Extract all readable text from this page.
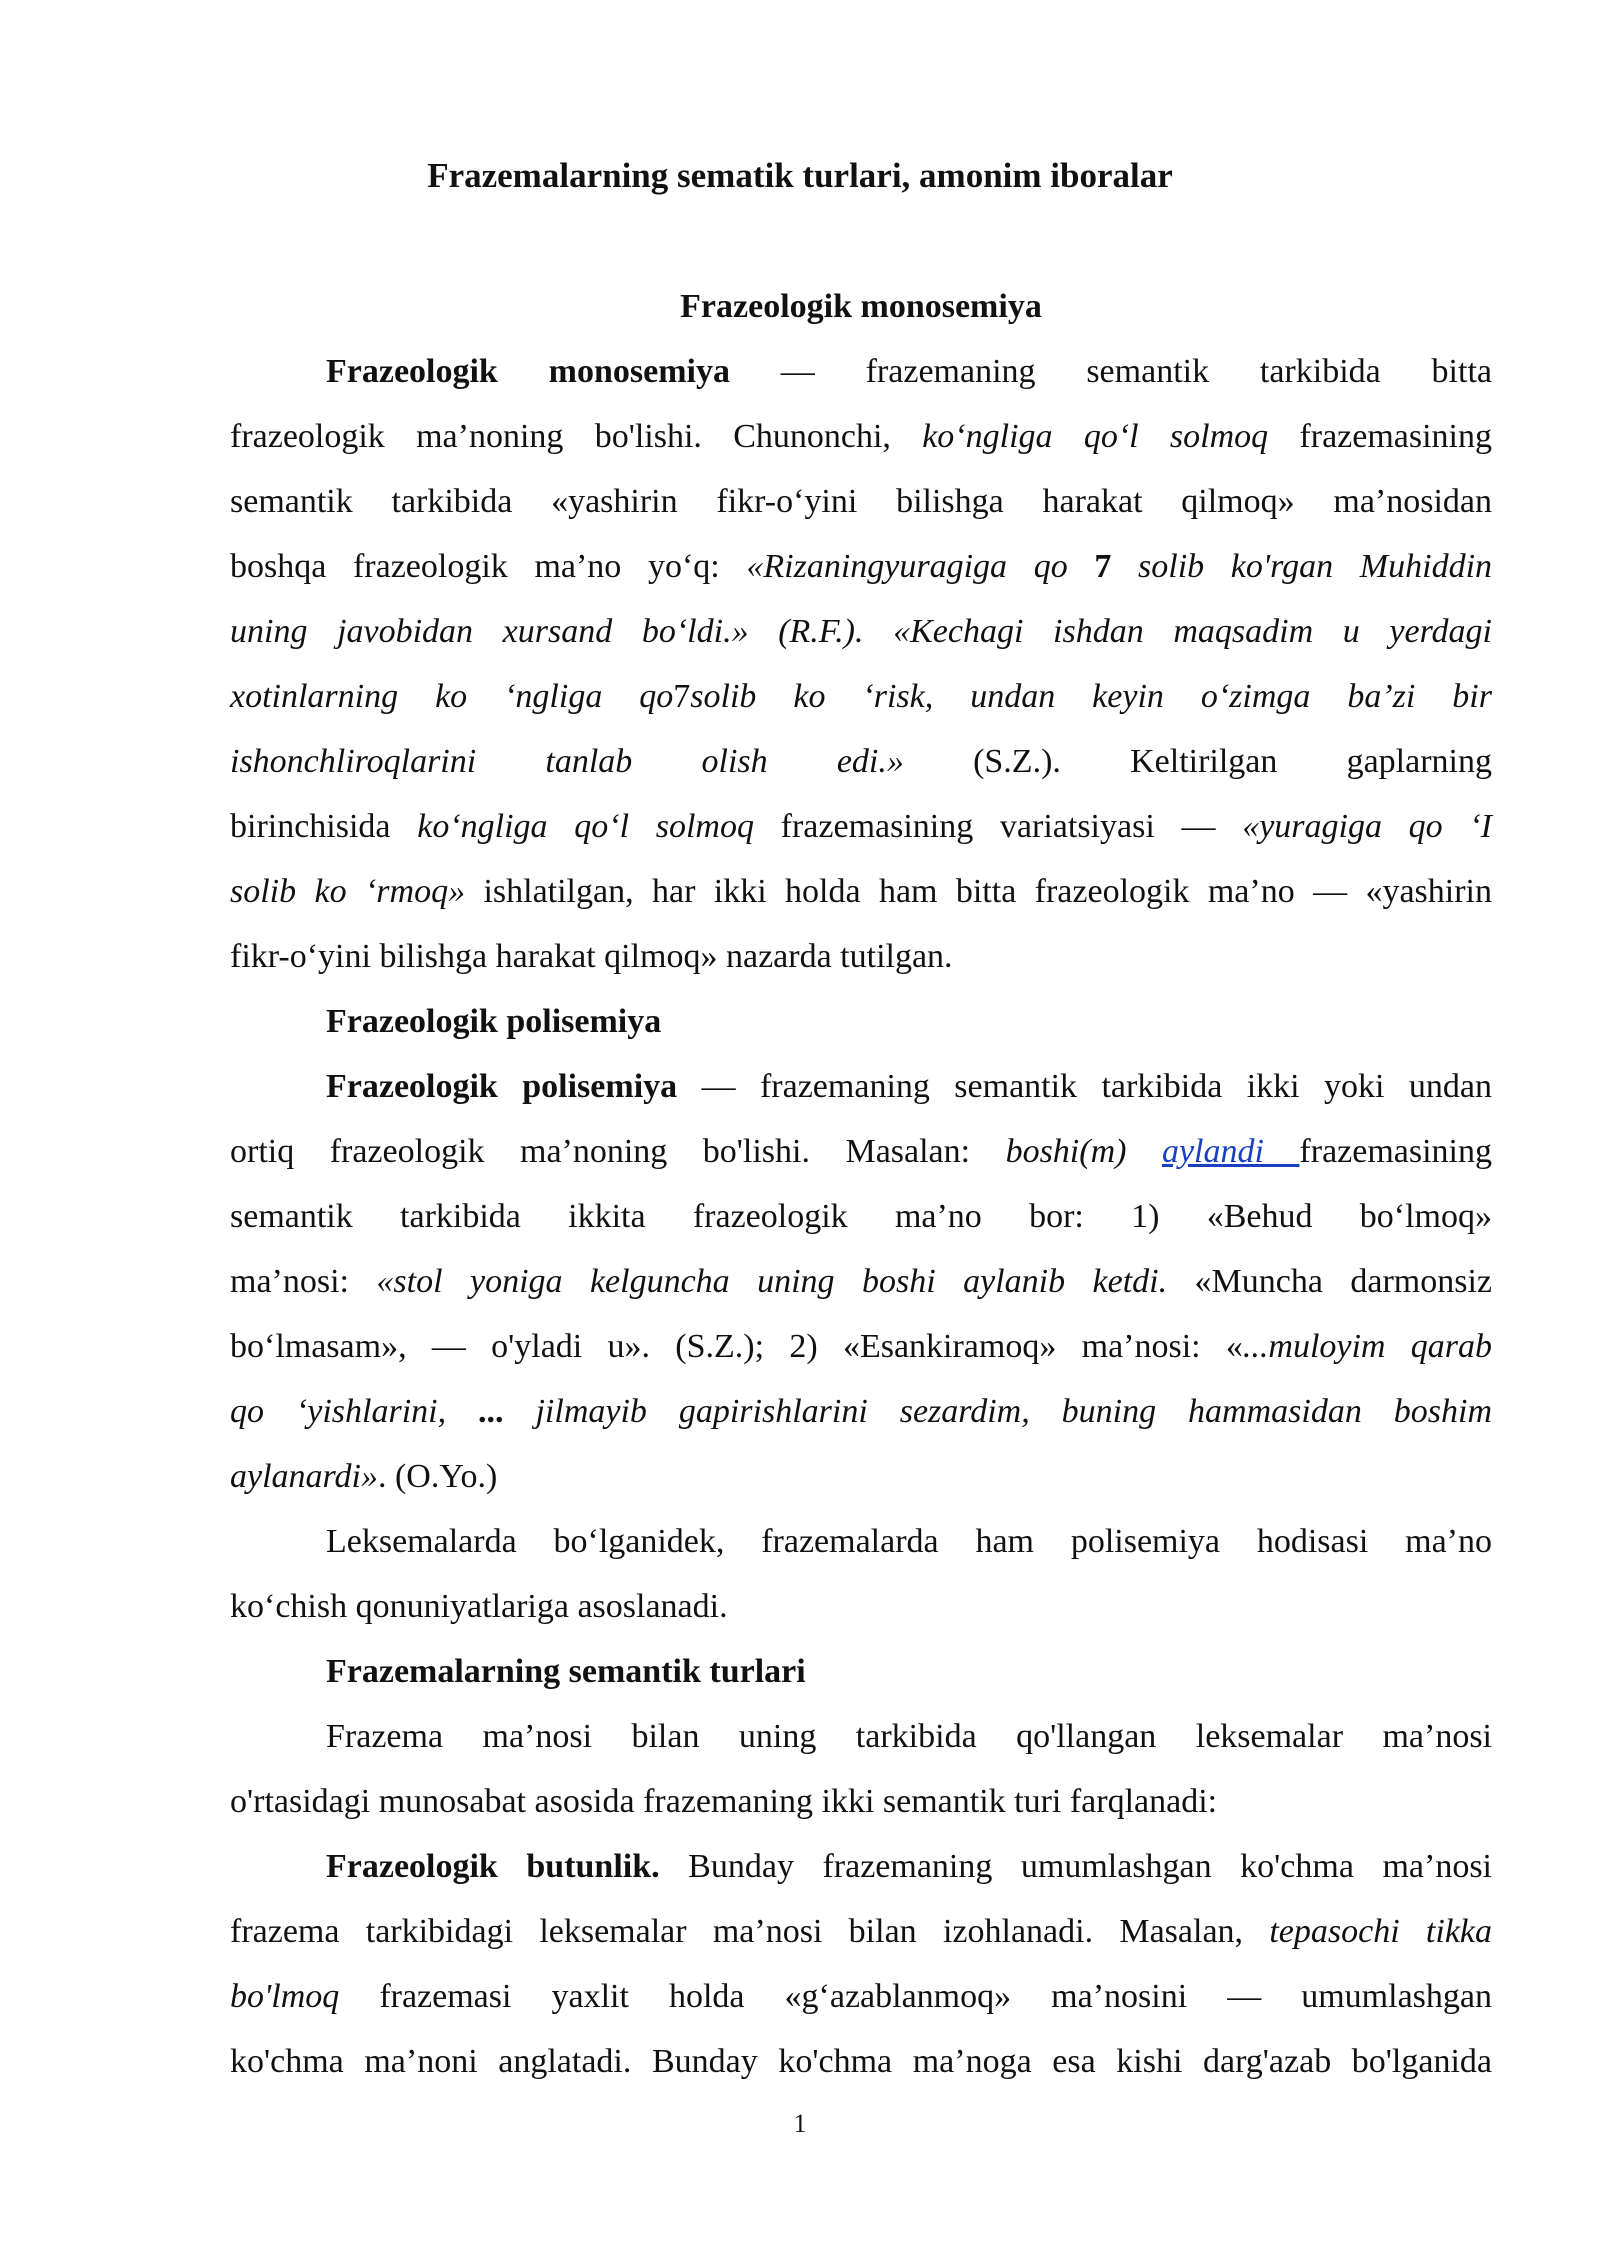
Frazemalarning sematik turlari, amonim iboralar
Frazeologik monosemiya
Frazeologik monosemiya — frazemaning semantik tarkibida bitta
frazeologik ma’noning bo'lishi. Chunonchi, ko‘ngliga qo‘l solmoq frazemasining
semantik tarkibida «yashirin fikr-o‘yini bilishga harakat qilmoq» ma’nosidan
boshqa frazeologik ma’no yo‘q: «Rizaningyuragiga qo 7 solib ko'rgan Muhiddin
uning javobidan xursand bo‘ldi.» (R.F.). «Kechagi ishdan maqsadim u yerdagi
xotinlarning ko ‘ngliga qo7solib ko ‘risk, undan keyin o‘zimga ba’zi bir
ishonchliroqlarini tanlab olish edi.» (S.Z.). Keltirilgan gaplarning
birinchisida ko‘ngliga qo‘l solmoq frazemasining variatsiyasi — «yuragiga qo ‘I
solib ko ‘rmoq» ishlatilgan, har ikki holda ham bitta frazeologik ma’no — «yashirin
fikr-o‘yini bilishga harakat qilmoq» nazarda tutilgan.
Frazeologik polisemiya
Frazeologik polisemiya — frazemaning semantik tarkibida ikki yoki undan
ortiq frazeologik ma’noning bo'lishi. Masalan: boshi(m) aylandi frazemasining
semantik tarkibida ikkita frazeologik ma’no bor: 1) «Behud bo‘lmoq»
ma’nosi: «stol yoniga kelguncha uning boshi aylanib ketdi. «Muncha darmonsiz
bo‘lmasam», — o'yladi u». (S.Z.); 2) «Esankiramoq» ma’nosi: «...muloyim qarab
qo ‘yishlarini, ... jilmayib gapirishlarini sezardim, buning hammasidan boshim
aylanardi». (O.Yo.)
Leksemalarda bo‘lganidek, frazemalarda ham polisemiya hodisasi ma’no
ko‘chish qonuniyatlariga asoslanadi.
Frazemalarning semantik turlari
Frazema ma’nosi bilan uning tarkibida qo'llangan leksemalar ma’nosi
o'rtasidagi munosabat asosida frazemaning ikki semantik turi farqlanadi:
Frazeologik butunlik. Bunday frazemaning umumlashgan ko'chma ma’nosi
frazema tarkibidagi leksemalar ma’nosi bilan izohlanadi. Masalan, tepasochi tikka
bo'lmoq frazemasi yaxlit holda «g‘azablanmoq» ma’nosini — umumlashgan
ko'chma ma’noni anglatadi. Bunday ko'chma ma’noga esa kishi darg'azab bo'lganida
1
